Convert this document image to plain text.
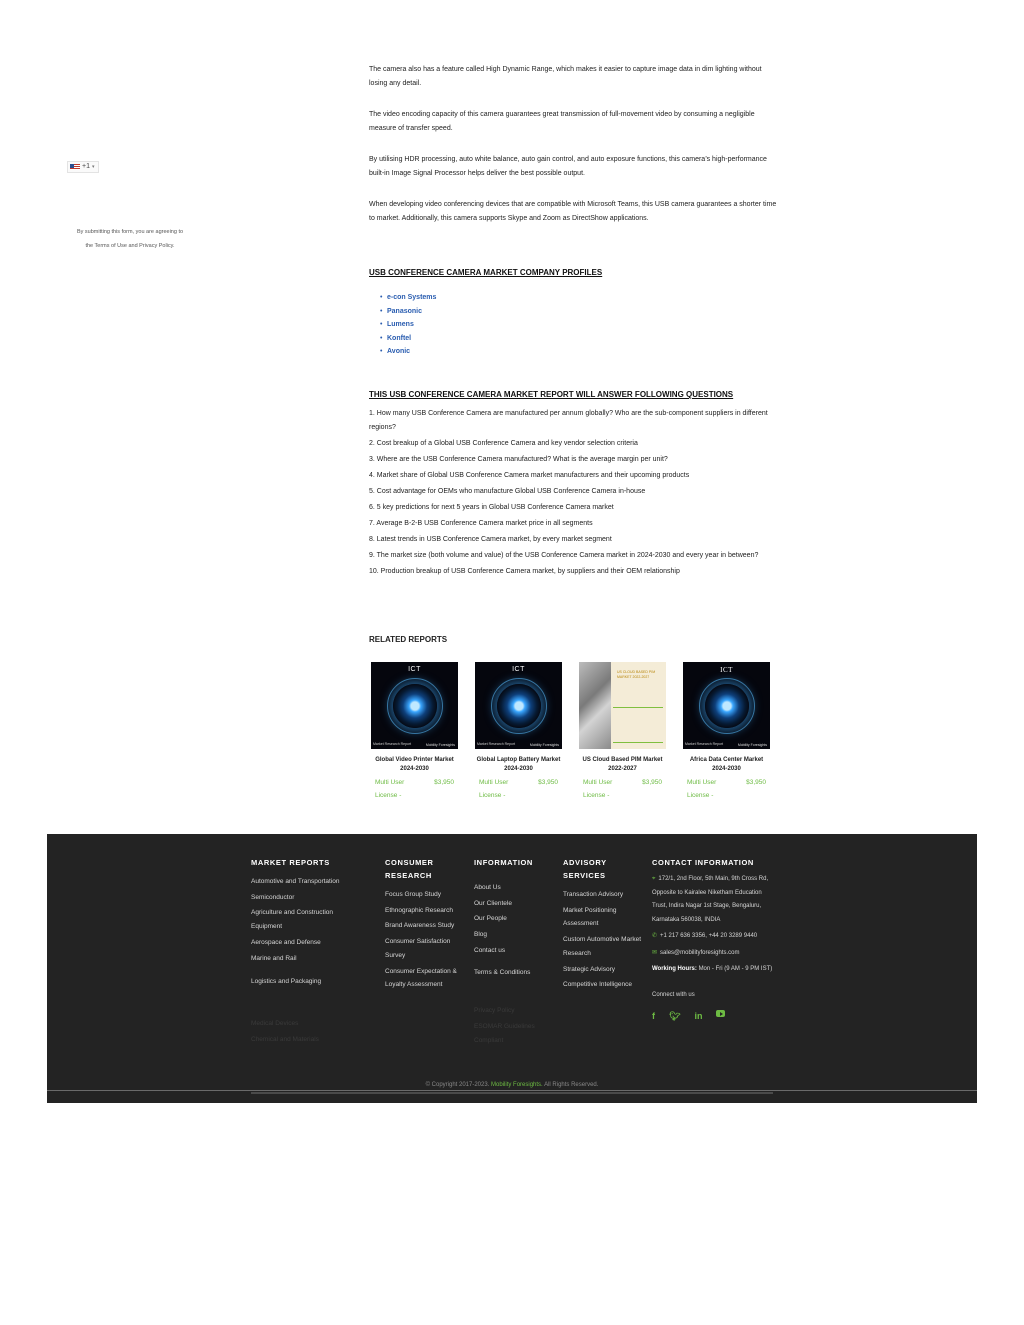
+1 ▾
By submitting this form, you are agreeing to
the Terms of Use and Privacy Policy.

The camera also has a feature called High Dynamic Range, which makes it easier to capture image data in dim lighting without losing any detail.

The video encoding capacity of this camera guarantees great transmission of full-movement video by consuming a negligible measure of transfer speed.

By utilising HDR processing, auto white balance, auto gain control, and auto exposure functions, this camera’s high-performance built-in Image Signal Processor helps deliver the best possible output.

When developing video conferencing devices that are compatible with Microsoft Teams, this USB camera guarantees a shorter time to market. Additionally, this camera supports Skype and Zoom as DirectShow applications.

USB CONFERENCE CAMERA MARKET COMPANY PROFILES
• e-con Systems
• Panasonic
• Lumens
• Konftel
• Avonic
THIS USB CONFERENCE CAMERA MARKET REPORT WILL ANSWER FOLLOWING QUESTIONS
1. How many USB Conference Camera are manufactured per annum globally? Who are the sub-component suppliers in different regions?
2. Cost breakup of a Global USB Conference Camera and key vendor selection criteria
3. Where are the USB Conference Camera manufactured? What is the average margin per unit?
4. Market share of Global USB Conference Camera market manufacturers and their upcoming products
5. Cost advantage for OEMs who manufacture Global USB Conference Camera in-house
6. 5 key predictions for next 5 years in Global USB Conference Camera market
7. Average B-2-B USB Conference Camera market price in all segments
8. Latest trends in USB Conference Camera market, by every market segment
9. The market size (both volume and value) of the USB Conference Camera market in 2024-2030 and every year in between?
10. Production breakup of USB Conference Camera market, by suppliers and their OEM relationship
RELATED REPORTS
ICT
Market Research Report	Mobility Foresights
Global Video Printer Market 2024-2030
Multi User License -
$3,950
ICT
Market Research Report	Mobility Foresights
Global Laptop Battery Market 2024-2030
Multi User License -
$3,950
US CLOUD BASED PIM MARKET 2022-2027
US Cloud Based PIM Market 2022-2027
Multi User License -
$3,950
ICT
Market Research Report	Mobility Foresights
Africa Data Center Market 2024-2030
Multi User License -
$3,950
MARKET REPORTS
Automotive and Transportation
Semiconductor
Agriculture and Construction Equipment
Aerospace and Defense
Marine and Rail
Logistics and Packaging
Medical Devices
Chemical and Materials
CONSUMER RESEARCH
Focus Group Study
Ethnographic Research
Brand Awareness Study
Consumer Satisfaction Survey
Consumer Expectation & Loyalty Assessment
INFORMATION
About Us
Our Clientele
Our People
Blog
Contact us
Terms & Conditions
Privacy Policy
ESOMAR Guidelines Compliant
ADVISORY SERVICES
Transaction Advisory
Market Positioning Assessment
Custom Automotive Market Research
Strategic Advisory
Competitive Intelligence
CONTACT INFORMATION
⌖ 172/1, 2nd Floor, 5th Main, 9th Cross Rd, Opposite to Kairalee Niketham Education Trust, Indira Nagar 1st Stage, Bengaluru, Karnataka 560038, INDIA
✆ +1 217 636 3356, +44 20 3289 9440
✉ sales@mobilityforesights.com
Working Hours: Mon - Fri (9 AM - 9 PM IST)
Connect with us
f 🐦︎ in
© Copyright 2017-2023. Mobility Foresights. All Rights Reserved.
